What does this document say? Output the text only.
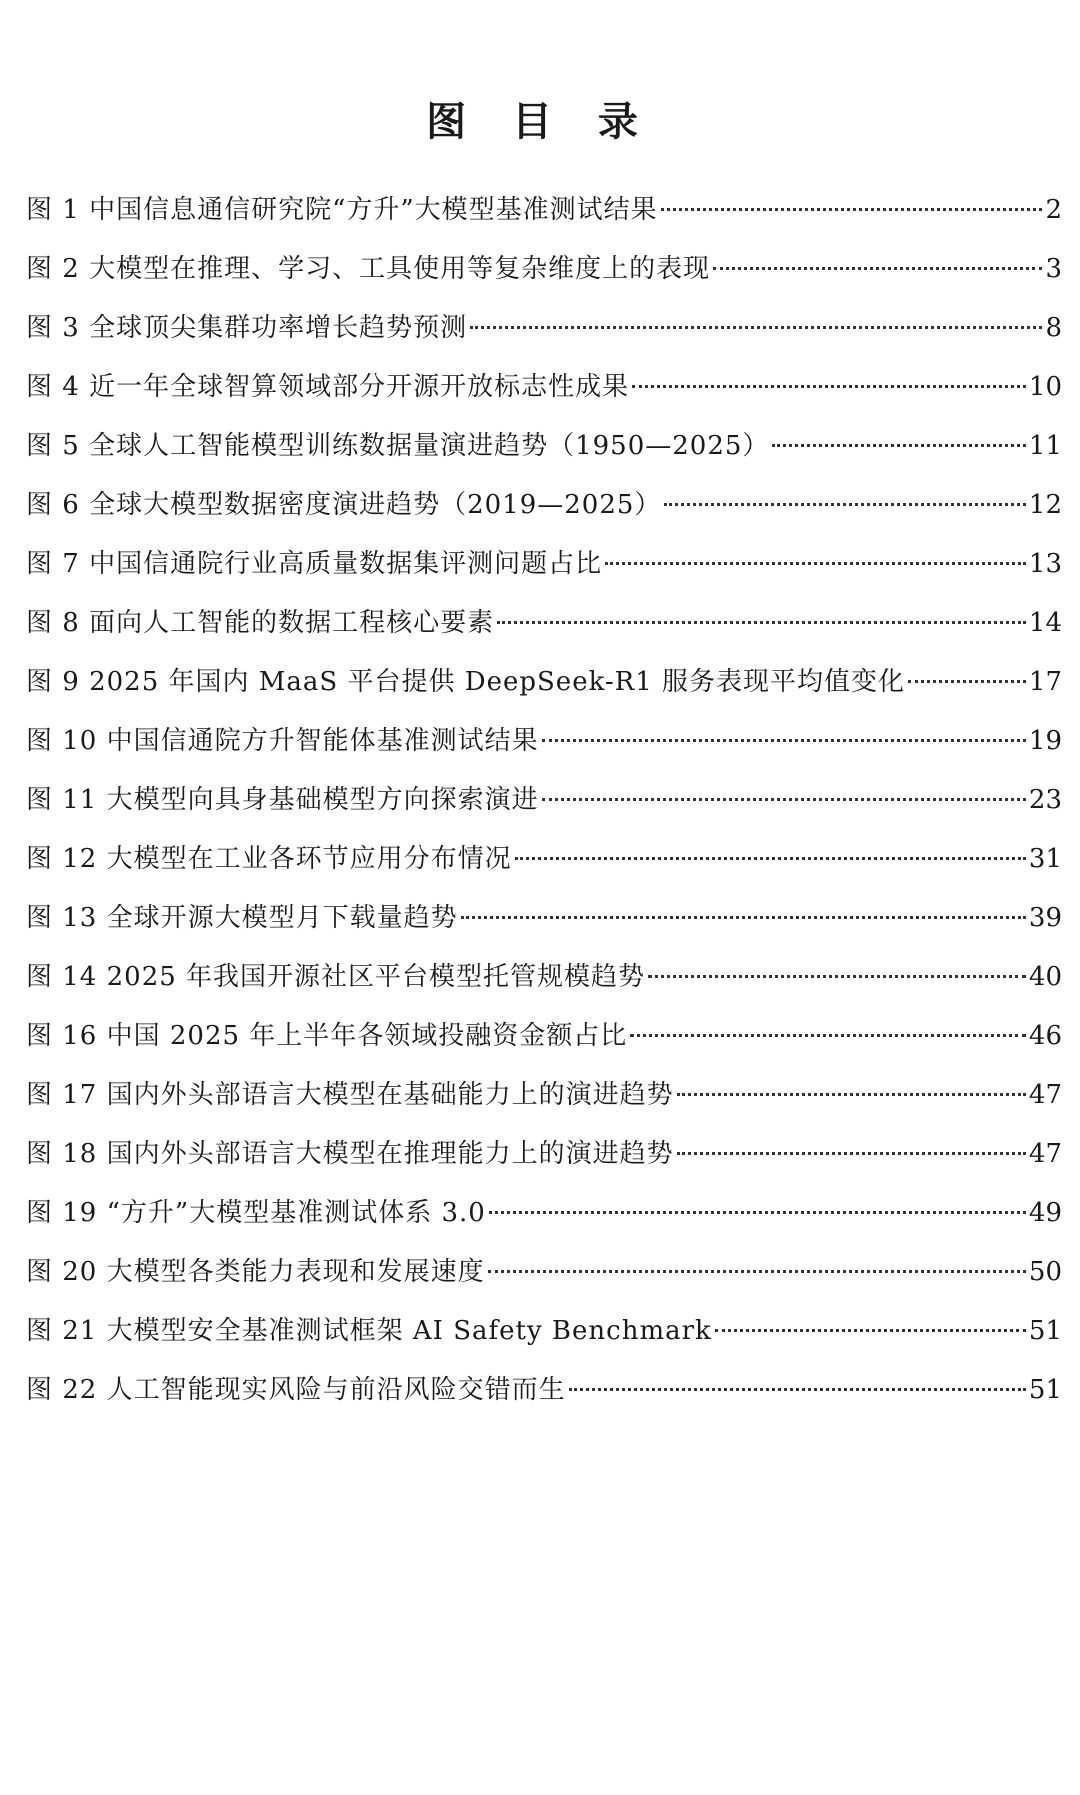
图 目 录
图 1 中国信息通信研究院“方升”大模型基准测试结果	2
图 2 大模型在推理、学习、工具使用等复杂维度上的表现	3
图 3 全球顶尖集群功率增长趋势预测	8
图 4 近一年全球智算领域部分开源开放标志性成果	10
图 5 全球人工智能模型训练数据量演进趋势（1950—2025）	11
图 6 全球大模型数据密度演进趋势（2019—2025）	12
图 7 中国信通院行业高质量数据集评测问题占比	13
图 8 面向人工智能的数据工程核心要素	14
图 9 2025 年国内 MaaS 平台提供 DeepSeek-R1 服务表现平均值变化	17
图 10 中国信通院方升智能体基准测试结果	19
图 11 大模型向具身基础模型方向探索演进	23
图 12 大模型在工业各环节应用分布情况	31
图 13 全球开源大模型月下载量趋势	39
图 14 2025 年我国开源社区平台模型托管规模趋势	40
图 16 中国 2025 年上半年各领域投融资金额占比	46
图 17 国内外头部语言大模型在基础能力上的演进趋势	47
图 18 国内外头部语言大模型在推理能力上的演进趋势	47
图 19 “方升”大模型基准测试体系 3.0	49
图 20 大模型各类能力表现和发展速度	50
图 21 大模型安全基准测试框架 AI Safety Benchmark	51
图 22 人工智能现实风险与前沿风险交错而生	51
